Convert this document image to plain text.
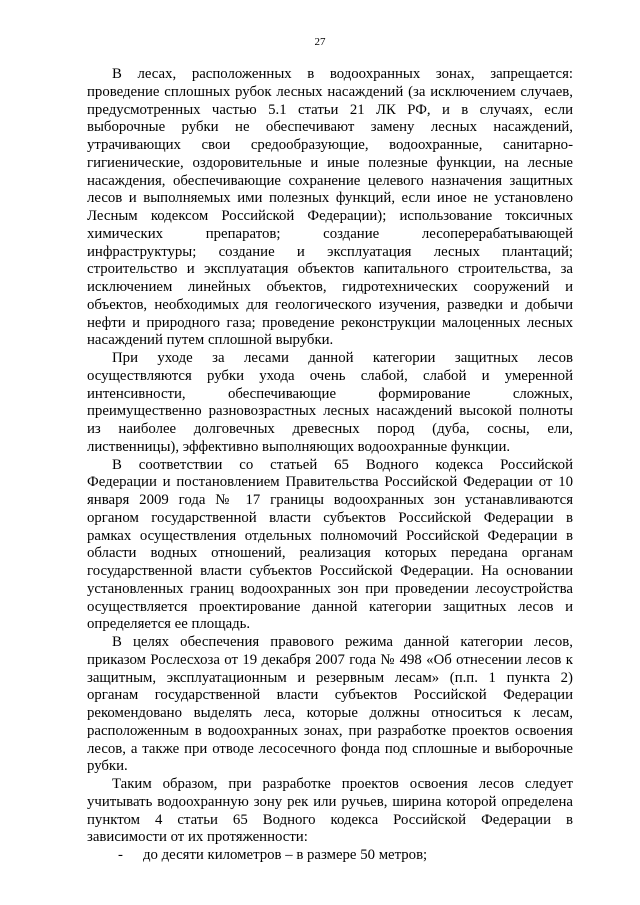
27
В лесах, расположенных в водоохранных зонах, запрещается:
проведение сплошных рубок лесных насаждений (за исключением случаев,
предусмотренных частью 5.1 статьи 21 ЛК РФ, и в случаях, если
выборочные рубки не обеспечивают замену лесных насаждений,
утрачивающих свои средообразующие, водоохранные, санитарно-
гигиенические, оздоровительные и иные полезные функции, на лесные
насаждения, обеспечивающие сохранение целевого назначения защитных
лесов и выполняемых ими полезных функций, если иное не установлено
Лесным кодексом Российской Федерации); использование токсичных
химических препаратов; создание лесоперерабатывающей
инфраструктуры; создание и эксплуатация лесных плантаций;
строительство и эксплуатация объектов капитального строительства, за
исключением линейных объектов, гидротехнических сооружений и
объектов, необходимых для геологического изучения, разведки и добычи
нефти и природного газа; проведение реконструкции малоценных лесных
насаждений путем сплошной вырубки.
При уходе за лесами данной категории защитных лесов
осуществляются рубки ухода очень слабой, слабой и умеренной
интенсивности, обеспечивающие формирование сложных,
преимущественно разновозрастных лесных насаждений высокой полноты
из наиболее долговечных древесных пород (дуба, сосны, ели,
лиственницы), эффективно выполняющих водоохранные функции.
В соответствии со статьей 65 Водного кодекса Российской
Федерации и постановлением Правительства Российской Федерации от 10
января 2009 года № 17 границы водоохранных зон устанавливаются
органом государственной власти субъектов Российской Федерации в
рамках осуществления отдельных полномочий Российской Федерации в
области водных отношений, реализация которых передана органам
государственной власти субъектов Российской Федерации. На основании
установленных границ водоохранных зон при проведении лесоустройства
осуществляется проектирование данной категории защитных лесов и
определяется ее площадь.
В целях обеспечения правового режима данной категории лесов,
приказом Рослесхоза от 19 декабря 2007 года № 498 «Об отнесении лесов к
защитным, эксплуатационным и резервным лесам» (п.п. 1 пункта 2)
органам государственной власти субъектов Российской Федерации
рекомендовано выделять леса, которые должны относиться к лесам,
расположенным в водоохранных зонах, при разработке проектов освоения
лесов, а также при отводе лесосечного фонда под сплошные и выборочные
рубки.
Таким образом, при разработке проектов освоения лесов следует
учитывать водоохранную зону рек или ручьев, ширина которой определена
пунктом 4 статьи 65 Водного кодекса Российской Федерации в
зависимости от их протяженности:
- до десяти километров – в размере 50 метров;
